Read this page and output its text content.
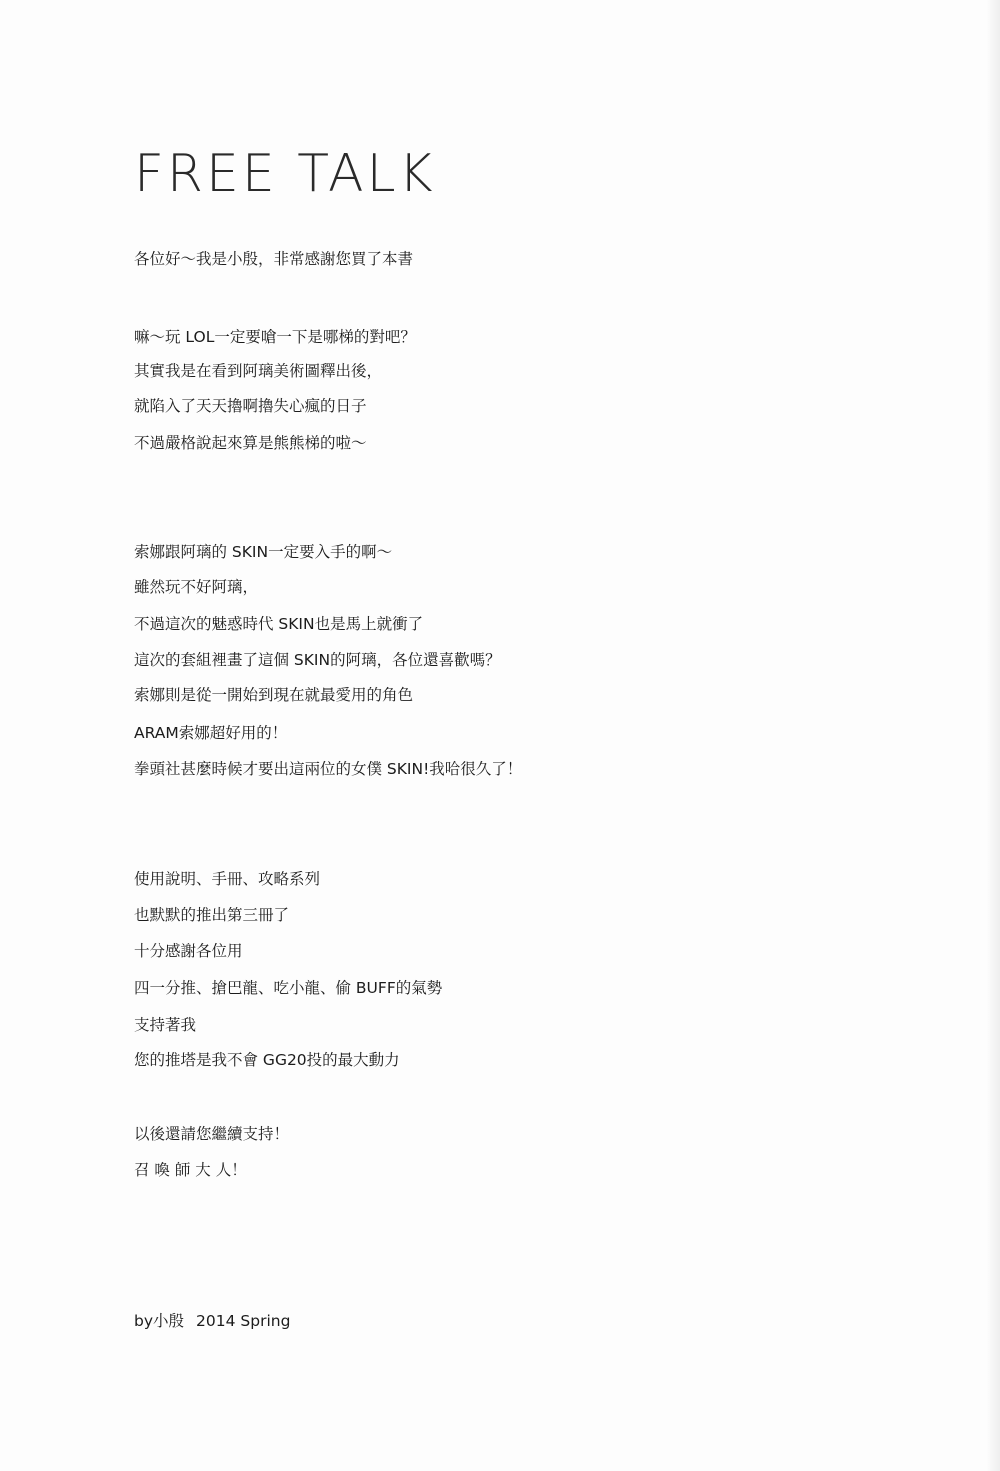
FREE TALK
各位好～我是小殷，非常感謝您買了本書
嘛～玩 LOL一定要嗆一下是哪梯的對吧？
其實我是在看到阿璃美術圖釋出後，
就陷入了天天擼啊擼失心瘋的日子
不過嚴格說起來算是熊熊梯的啦～
索娜跟阿璃的 SKIN一定要入手的啊～
雖然玩不好阿璃，
不過這次的魅惑時代 SKIN也是馬上就衝了
這次的套組裡畫了這個 SKIN的阿璃，各位還喜歡嗎？
索娜則是從一開始到現在就最愛用的角色
ARAM索娜超好用的！
拳頭社甚麼時候才要出這兩位的女僕 SKIN!我哈很久了！
使用說明、手冊、攻略系列
也默默的推出第三冊了
十分感謝各位用
四一分推、搶巴龍、吃小龍、偷 BUFF的氣勢
支持著我
您的推塔是我不會 GG20投的最大動力
以後還請您繼續支持！
召 喚 師 大 人！
by小殷 2014 Spring
